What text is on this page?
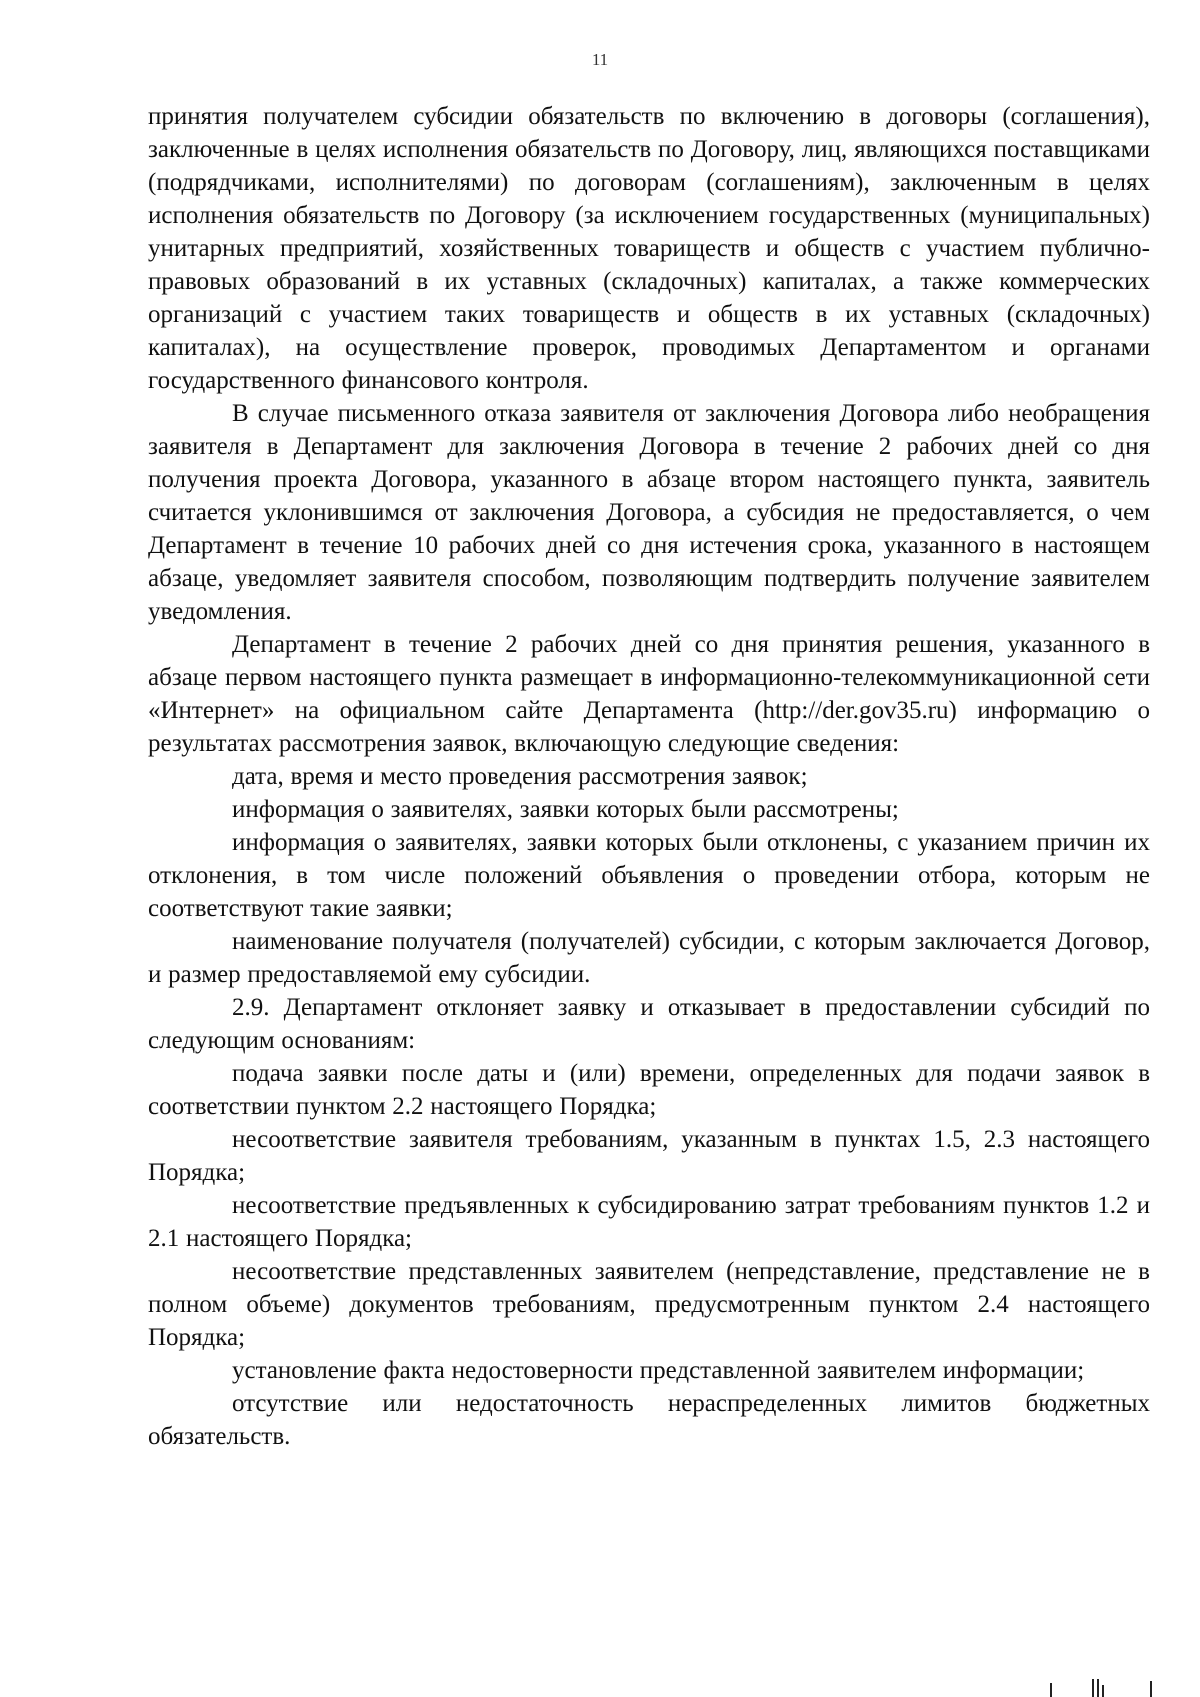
11

принятия получателем субсидии обязательств по включению в договоры (соглашения), заключенные в целях исполнения обязательств по Договору, лиц, являющихся поставщиками (подрядчиками, исполнителями) по договорам (соглашениям), заключенным в целях исполнения обязательств по Договору (за исключением государственных (муниципальных) унитарных предприятий, хозяйственных товариществ и обществ с участием публично-правовых образований в их уставных (складочных) капиталах, а также коммерческих организаций с участием таких товариществ и обществ в их уставных (складочных) капиталах), на осуществление проверок, проводимых Департаментом и органами государственного финансового контроля.

В случае письменного отказа заявителя от заключения Договора либо необращения заявителя в Департамент для заключения Договора в течение 2 рабочих дней со дня получения проекта Договора, указанного в абзаце втором настоящего пункта, заявитель считается уклонившимся от заключения Договора, а субсидия не предоставляется, о чем Департамент в течение 10 рабочих дней со дня истечения срока, указанного в настоящем абзаце, уведомляет заявителя способом, позволяющим подтвердить получение заявителем уведомления.

Департамент в течение 2 рабочих дней со дня принятия решения, указанного в абзаце первом настоящего пункта размещает в информационно-телекоммуникационной сети «Интернет» на официальном сайте Департамента (http://der.gov35.ru) информацию о результатах рассмотрения заявок, включающую следующие сведения:

дата, время и место проведения рассмотрения заявок;

информация о заявителях, заявки которых были рассмотрены;

информация о заявителях, заявки которых были отклонены, с указанием причин их отклонения, в том числе положений объявления о проведении отбора, которым не соответствуют такие заявки;

наименование получателя (получателей) субсидии, с которым заключается Договор, и размер предоставляемой ему субсидии.

2.9. Департамент отклоняет заявку и отказывает в предоставлении субсидий по следующим основаниям:

подача заявки после даты и (или) времени, определенных для подачи заявок в соответствии пунктом 2.2 настоящего Порядка;

несоответствие заявителя требованиям, указанным в пунктах 1.5, 2.3 настоящего Порядка;

несоответствие предъявленных к субсидированию затрат требованиям пунктов 1.2 и 2.1 настоящего Порядка;

несоответствие представленных заявителем (непредставление, представление не в полном объеме) документов требованиям, предусмотренным пунктом 2.4 настоящего Порядка;

установление факта недостоверности представленной заявителем информации;

отсутствие или недостаточность нераспределенных лимитов бюджетных обязательств.
